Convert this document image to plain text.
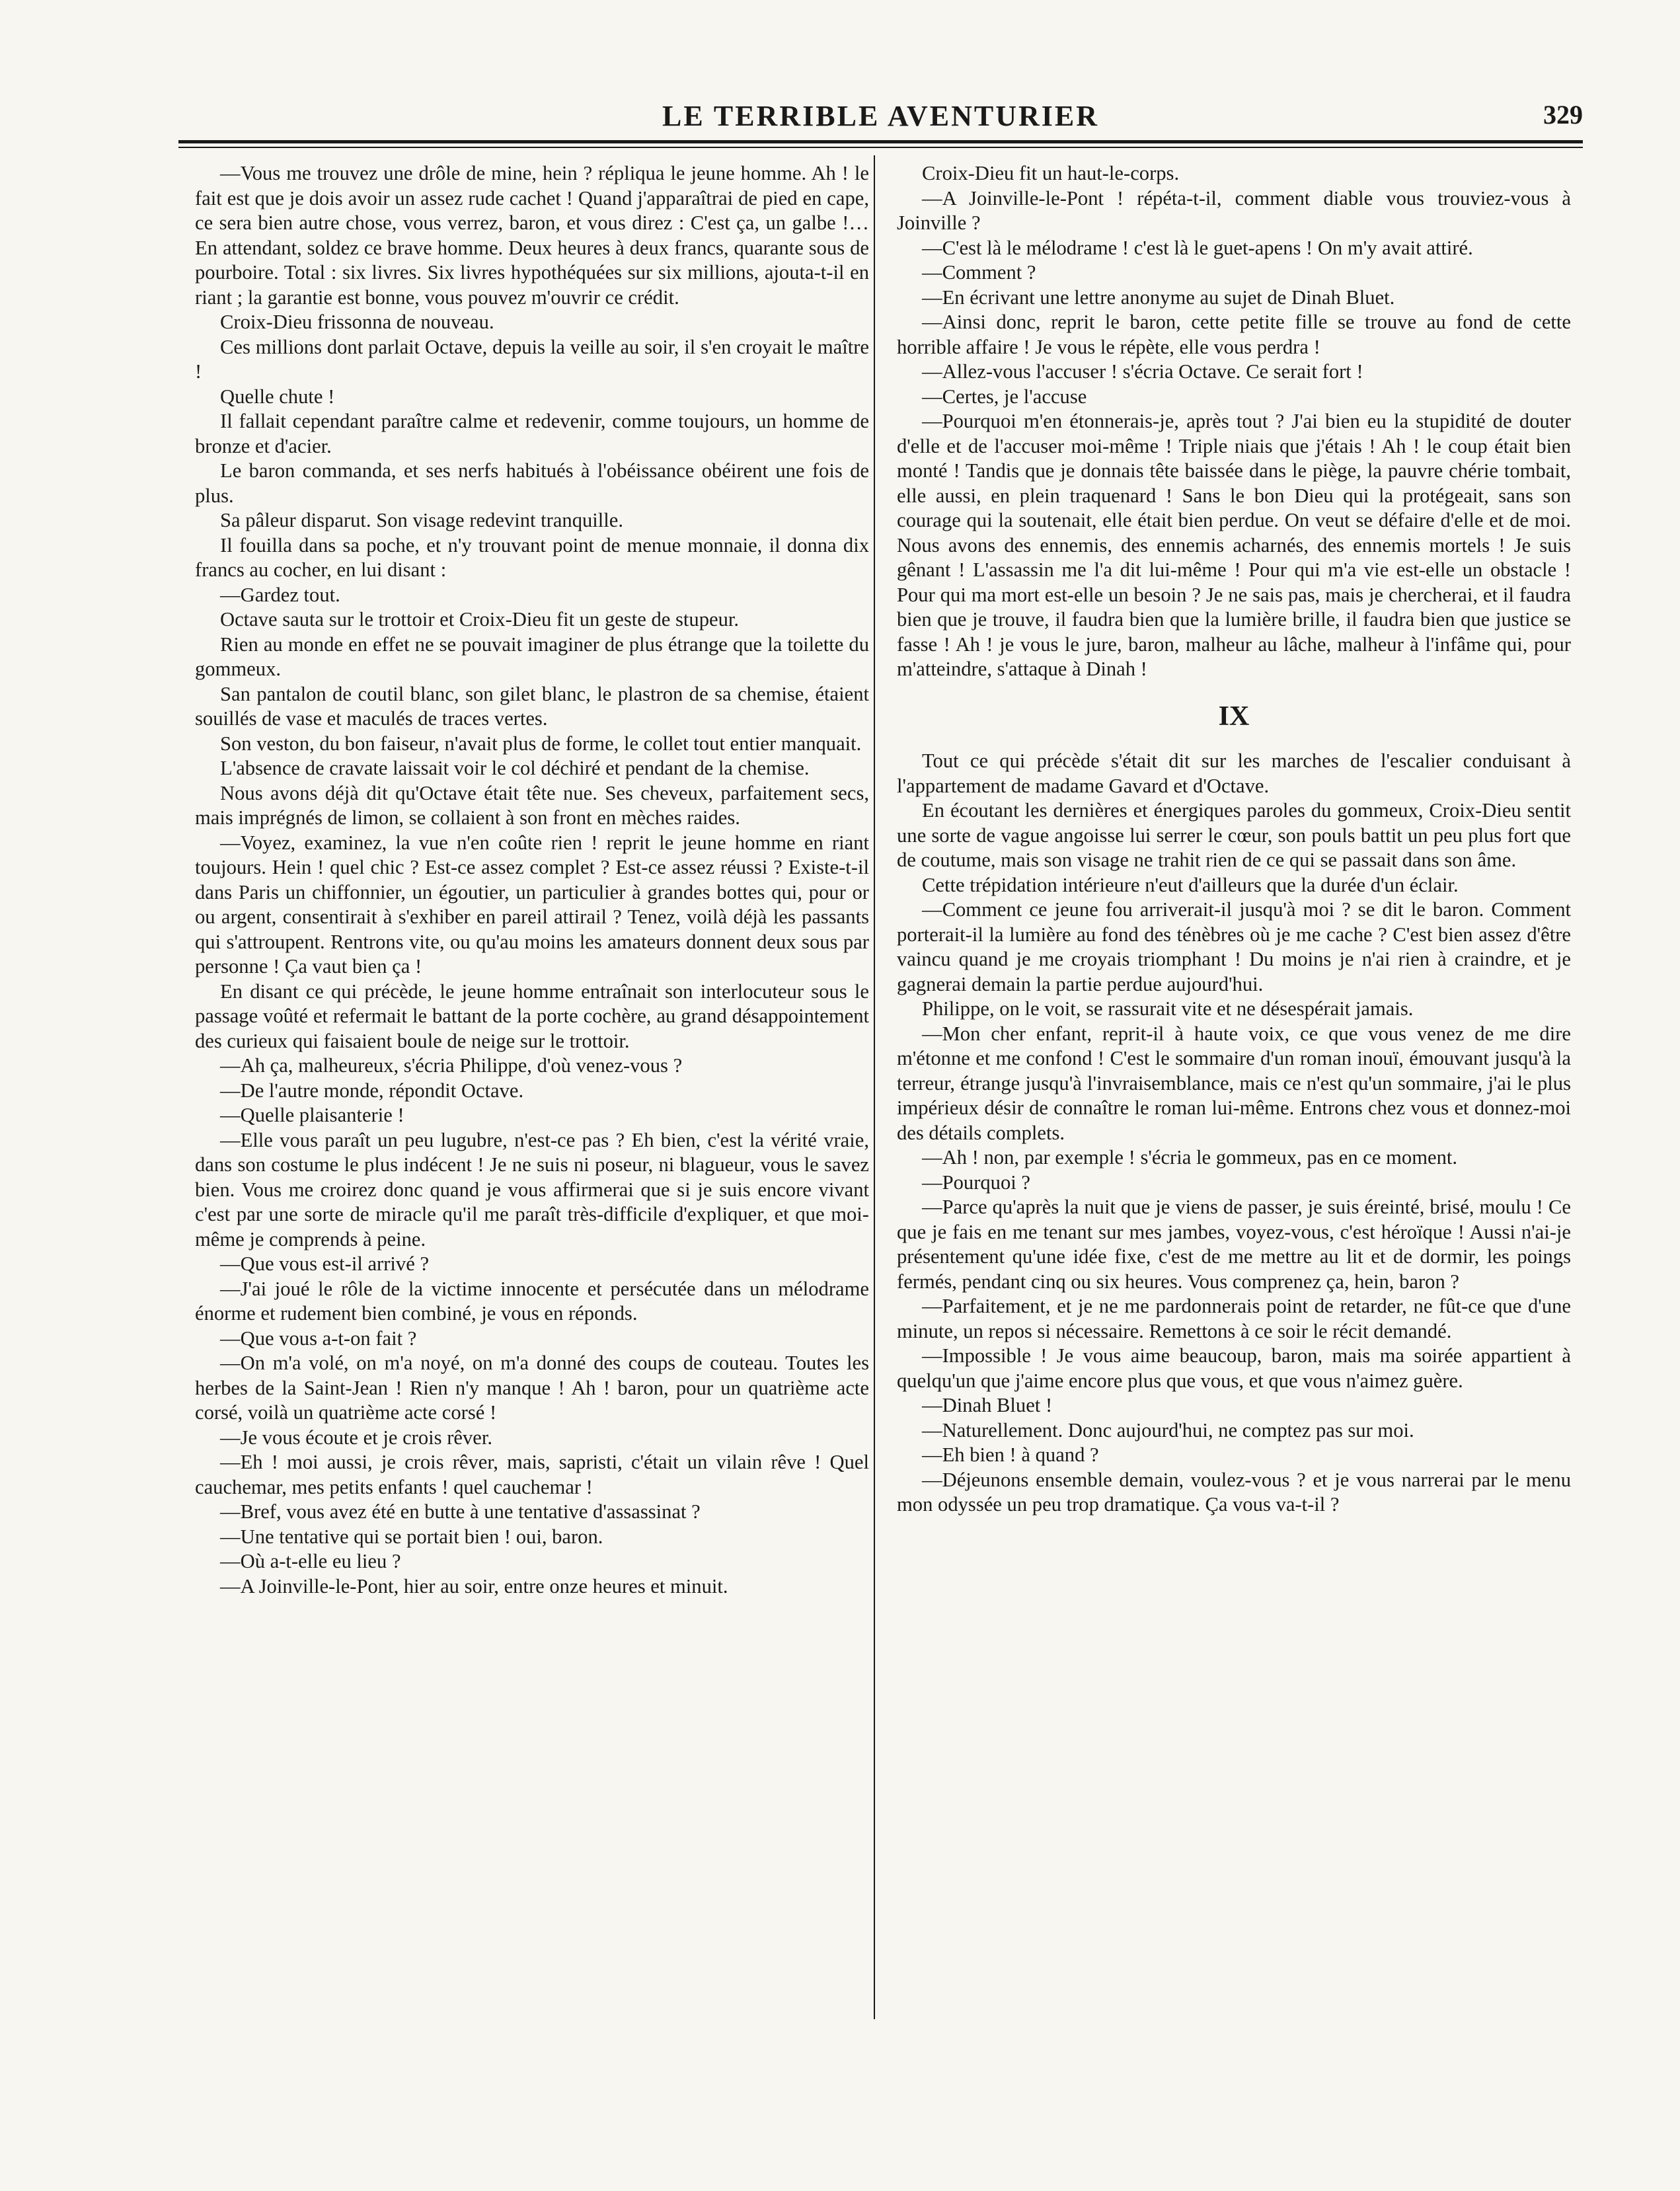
LE TERRIBLE AVENTURIER	329

—Vous me trouvez une drôle de mine, hein ? répliqua le jeune homme. Ah ! le fait est que je dois avoir un assez rude cachet ! Quand j'apparaîtrai de pied en cape, ce sera bien autre chose, vous verrez, baron, et vous direz : C'est ça, un galbe !… En attendant, soldez ce brave homme. Deux heures à deux francs, quarante sous de pourboire. Total : six livres. Six livres hypothéquées sur six millions, ajouta-t-il en riant ; la garantie est bonne, vous pouvez m'ouvrir ce crédit.

Croix-Dieu frissonna de nouveau.

Ces millions dont parlait Octave, depuis la veille au soir, il s'en croyait le maître !

Quelle chute !

Il fallait cependant paraître calme et redevenir, comme toujours, un homme de bronze et d'acier.

Le baron commanda, et ses nerfs habitués à l'obéissance obéirent une fois de plus.

Sa pâleur disparut. Son visage redevint tranquille.

Il fouilla dans sa poche, et n'y trouvant point de menue monnaie, il donna dix francs au cocher, en lui disant :

—Gardez tout.

Octave sauta sur le trottoir et Croix-Dieu fit un geste de stupeur.

Rien au monde en effet ne se pouvait imaginer de plus étrange que la toilette du gommeux.

San pantalon de coutil blanc, son gilet blanc, le plastron de sa chemise, étaient souillés de vase et maculés de traces vertes.

Son veston, du bon faiseur, n'avait plus de forme, le collet tout entier manquait.

L'absence de cravate laissait voir le col déchiré et pendant de la chemise.

Nous avons déjà dit qu'Octave était tête nue. Ses cheveux, parfaitement secs, mais imprégnés de limon, se collaient à son front en mèches raides.

—Voyez, examinez, la vue n'en coûte rien ! reprit le jeune homme en riant toujours. Hein ! quel chic ? Est-ce assez complet ? Est-ce assez réussi ? Existe-t-il dans Paris un chiffonnier, un égoutier, un particulier à grandes bottes qui, pour or ou argent, consentirait à s'exhiber en pareil attirail ? Tenez, voilà déjà les passants qui s'attroupent. Rentrons vite, ou qu'au moins les amateurs donnent deux sous par personne ! Ça vaut bien ça !

En disant ce qui précède, le jeune homme entraînait son interlocuteur sous le passage voûté et refermait le battant de la porte cochère, au grand désappointement des curieux qui faisaient boule de neige sur le trottoir.

—Ah ça, malheureux, s'écria Philippe, d'où venez-vous ?

—De l'autre monde, répondit Octave.

—Quelle plaisanterie !

—Elle vous paraît un peu lugubre, n'est-ce pas ? Eh bien, c'est la vérité vraie, dans son costume le plus indécent ! Je ne suis ni poseur, ni blagueur, vous le savez bien. Vous me croirez donc quand je vous affirmerai que si je suis encore vivant c'est par une sorte de miracle qu'il me paraît très-difficile d'expliquer, et que moi-même je comprends à peine.

—Que vous est-il arrivé ?

—J'ai joué le rôle de la victime innocente et persécutée dans un mélodrame énorme et rudement bien combiné, je vous en réponds.

—Que vous a-t-on fait ?

—On m'a volé, on m'a noyé, on m'a donné des coups de couteau. Toutes les herbes de la Saint-Jean ! Rien n'y manque ! Ah ! baron, pour un quatrième acte corsé, voilà un quatrième acte corsé !

—Je vous écoute et je crois rêver.

—Eh ! moi aussi, je crois rêver, mais, sapristi, c'était un vilain rêve ! Quel cauchemar, mes petits enfants ! quel cauchemar !

—Bref, vous avez été en butte à une tentative d'assassinat ?

—Une tentative qui se portait bien ! oui, baron.

—Où a-t-elle eu lieu ?

—A Joinville-le-Pont, hier au soir, entre onze heures et minuit.

Croix-Dieu fit un haut-le-corps.

—A Joinville-le-Pont ! répéta-t-il, comment diable vous trouviez-vous à Joinville ?

—C'est là le mélodrame ! c'est là le guet-apens ! On m'y avait attiré.

—Comment ?

—En écrivant une lettre anonyme au sujet de Dinah Bluet.

—Ainsi donc, reprit le baron, cette petite fille se trouve au fond de cette horrible affaire ! Je vous le répète, elle vous perdra !

—Allez-vous l'accuser ! s'écria Octave. Ce serait fort !

—Certes, je l'accuse

—Pourquoi m'en étonnerais-je, après tout ? J'ai bien eu la stupidité de douter d'elle et de l'accuser moi-même ! Triple niais que j'étais ! Ah ! le coup était bien monté ! Tandis que je donnais tête baissée dans le piège, la pauvre chérie tombait, elle aussi, en plein traquenard ! Sans le bon Dieu qui la protégeait, sans son courage qui la soutenait, elle était bien perdue. On veut se défaire d'elle et de moi. Nous avons des ennemis, des ennemis acharnés, des ennemis mortels ! Je suis gênant ! L'assassin me l'a dit lui-même ! Pour qui m'a vie est-elle un obstacle ! Pour qui ma mort est-elle un besoin ? Je ne sais pas, mais je chercherai, et il faudra bien que je trouve, il faudra bien que la lumière brille, il faudra bien que justice se fasse ! Ah ! je vous le jure, baron, malheur au lâche, malheur à l'infâme qui, pour m'atteindre, s'attaque à Dinah !

IX

Tout ce qui précède s'était dit sur les marches de l'escalier conduisant à l'appartement de madame Gavard et d'Octave.

En écoutant les dernières et énergiques paroles du gommeux, Croix-Dieu sentit une sorte de vague angoisse lui serrer le cœur, son pouls battit un peu plus fort que de coutume, mais son visage ne trahit rien de ce qui se passait dans son âme.

Cette trépidation intérieure n'eut d'ailleurs que la durée d'un éclair.

—Comment ce jeune fou arriverait-il jusqu'à moi ? se dit le baron. Comment porterait-il la lumière au fond des ténèbres où je me cache ? C'est bien assez d'être vaincu quand je me croyais triomphant ! Du moins je n'ai rien à craindre, et je gagnerai demain la partie perdue aujourd'hui.

Philippe, on le voit, se rassurait vite et ne désespérait jamais.

—Mon cher enfant, reprit-il à haute voix, ce que vous venez de me dire m'étonne et me confond ! C'est le sommaire d'un roman inouï, émouvant jusqu'à la terreur, étrange jusqu'à l'invraisemblance, mais ce n'est qu'un sommaire, j'ai le plus impérieux désir de connaître le roman lui-même. Entrons chez vous et donnez-moi des détails complets.

—Ah ! non, par exemple ! s'écria le gommeux, pas en ce moment.

—Pourquoi ?

—Parce qu'après la nuit que je viens de passer, je suis éreinté, brisé, moulu ! Ce que je fais en me tenant sur mes jambes, voyez-vous, c'est héroïque ! Aussi n'ai-je présentement qu'une idée fixe, c'est de me mettre au lit et de dormir, les poings fermés, pendant cinq ou six heures. Vous comprenez ça, hein, baron ?

—Parfaitement, et je ne me pardonnerais point de retarder, ne fût-ce que d'une minute, un repos si nécessaire. Remettons à ce soir le récit demandé.

—Impossible ! Je vous aime beaucoup, baron, mais ma soirée appartient à quelqu'un que j'aime encore plus que vous, et que vous n'aimez guère.

—Dinah Bluet !

—Naturellement. Donc aujourd'hui, ne comptez pas sur moi.

—Eh bien ! à quand ?

—Déjeunons ensemble demain, voulez-vous ? et je vous narrerai par le menu mon odyssée un peu trop dramatique. Ça vous va-t-il ?
